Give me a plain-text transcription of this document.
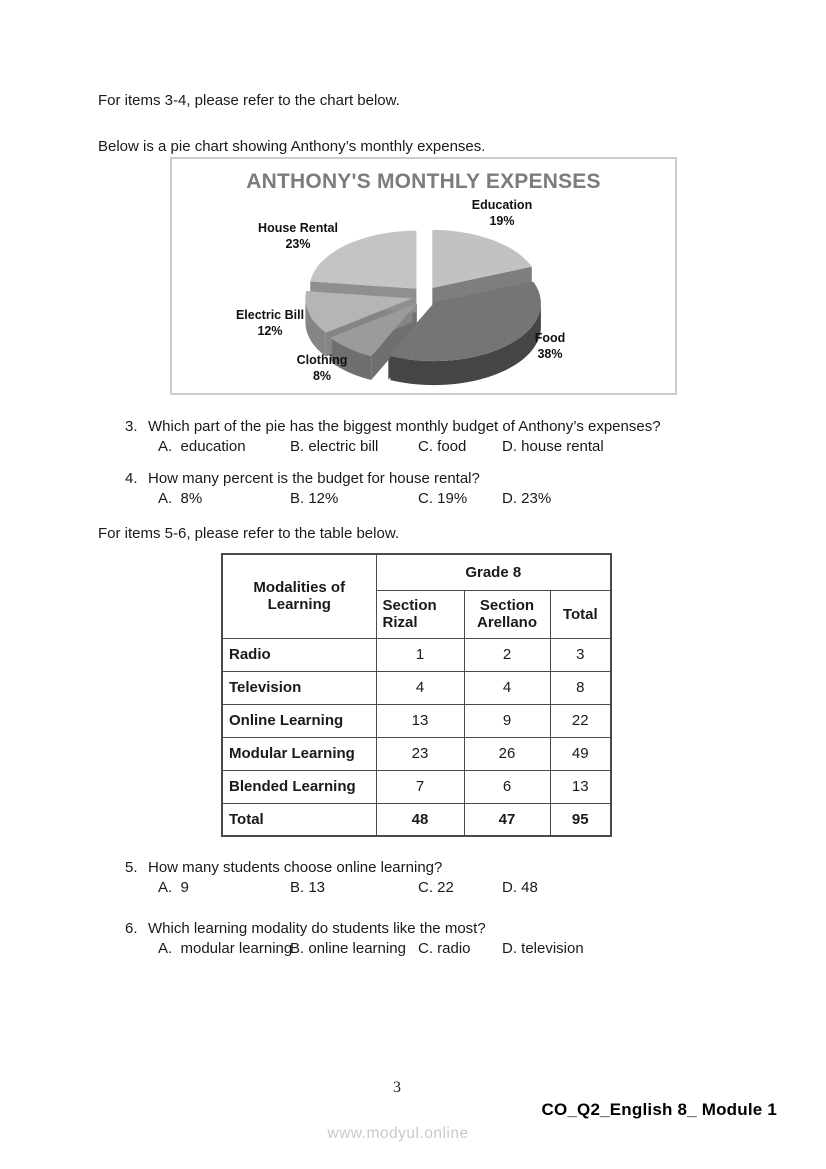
For items 3-4, please refer to the chart below.
Below is a pie chart showing Anthony’s monthly expenses.
ANTHONY'S MONTHLY EXPENSES
Education
19%
Food
38%
Clothing
8%
Electric Bill
12%
House Rental
23%
3. Which part of the pie has the biggest monthly budget of Anthony’s expenses?
A.  education	B. electric bill	C. food D. house rental
4. How many percent is the budget for house rental?
A.  8%	B. 12%	C. 19% D. 23%
For items 5-6, please refer to the table below.
Modalities of Learning	Grade 8		
	Section Rizal	Section Arellano	Total
Radio	1	2	3
Television	4	4	8
Online Learning	13	9	22
Modular Learning	23	26	49
Blended Learning	7	6	13
Total	48	47	95
5. How many students choose online learning?
A.  9	B. 13	C. 22	D. 48
6. Which learning modality do students like the most?
A.  modular learning
B. online learning C. radio D. television
3
CO_Q2_English 8_ Module 1
www.modyul.online
